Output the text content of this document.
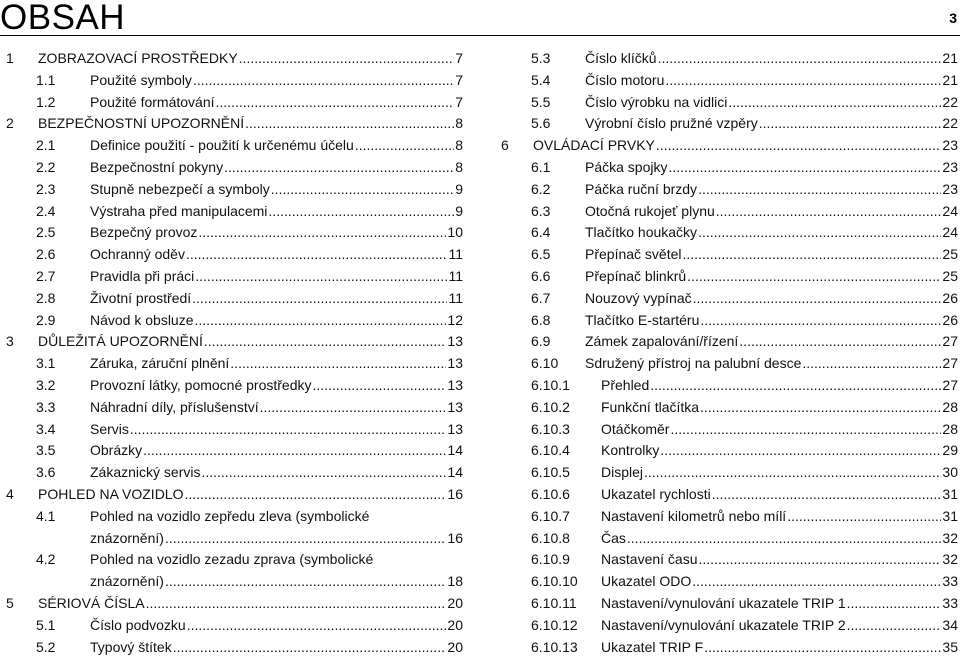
OBSAH	3
1 ZOBRAZOVACÍ PROSTŘEDKY .....	7
1.1 Použité symboly .....	7
1.2 Použité formátování .....	7
2 BEZPEČNOSTNÍ UPOZORNĚNÍ .....	8
2.1 Definice použití - použití k určenému účelu .....	8
2.2 Bezpečnostní pokyny .....	8
2.3 Stupně nebezpečí a symboly .....	9
2.4 Výstraha před manipulacemi .....	9
2.5 Bezpečný provoz .....	10
2.6 Ochranný oděv .....	11
2.7 Pravidla při práci .....	11
2.8 Životní prostředí .....	11
2.9 Návod k obsluze .....	12
3 DŮLEŽITÁ UPOZORNĚNÍ .....	13
3.1 Záruka, záruční plnění .....	13
3.2 Provozní látky, pomocné prostředky .....	13
3.3 Náhradní díly, příslušenství .....	13
3.4 Servis .....	13
3.5 Obrázky .....	14
3.6 Zákaznický servis .....	14
4 POHLED NA VOZIDLO .....	16
4.1 Pohled na vozidlo zepředu zleva (symbolické
znázornění) .....	16
4.2 Pohled na vozidlo zezadu zprava (symbolické
znázornění) .....	18
5 SÉRIOVÁ ČÍSLA .....	20
5.1 Číslo podvozku .....	20
5.2 Typový štítek .....	20
5.3 Číslo klíčků .....	21
5.4 Číslo motoru .....	21
5.5 Číslo výrobku na vidlici .....	22
5.6 Výrobní číslo pružné vzpěry .....	22
6 OVLÁDACÍ PRVKY .....	23
6.1 Páčka spojky .....	23
6.2 Páčka ruční brzdy .....	23
6.3 Otočná rukojeť plynu .....	24
6.4 Tlačítko houkačky .....	24
6.5 Přepínač světel .....	25
6.6 Přepínač blinkrů .....	25
6.7 Nouzový vypínač .....	26
6.8 Tlačítko E-startéru .....	26
6.9 Zámek zapalování/řízení .....	27
6.10 Sdružený přístroj na palubní desce .....	27
6.10.1 Přehled .....	27
6.10.2 Funkční tlačítka .....	28
6.10.3 Otáčkoměr .....	28
6.10.4 Kontrolky .....	29
6.10.5 Displej .....	30
6.10.6 Ukazatel rychlosti .....	31
6.10.7 Nastavení kilometrů nebo mílí .....	31
6.10.8 Čas .....	32
6.10.9 Nastavení času .....	32
6.10.10 Ukazatel ODO .....	33
6.10.11 Nastavení/vynulování ukazatele TRIP 1 .....	33
6.10.12 Nastavení/vynulování ukazatele TRIP 2 .....	34
6.10.13 Ukazatel TRIP F .....	35
